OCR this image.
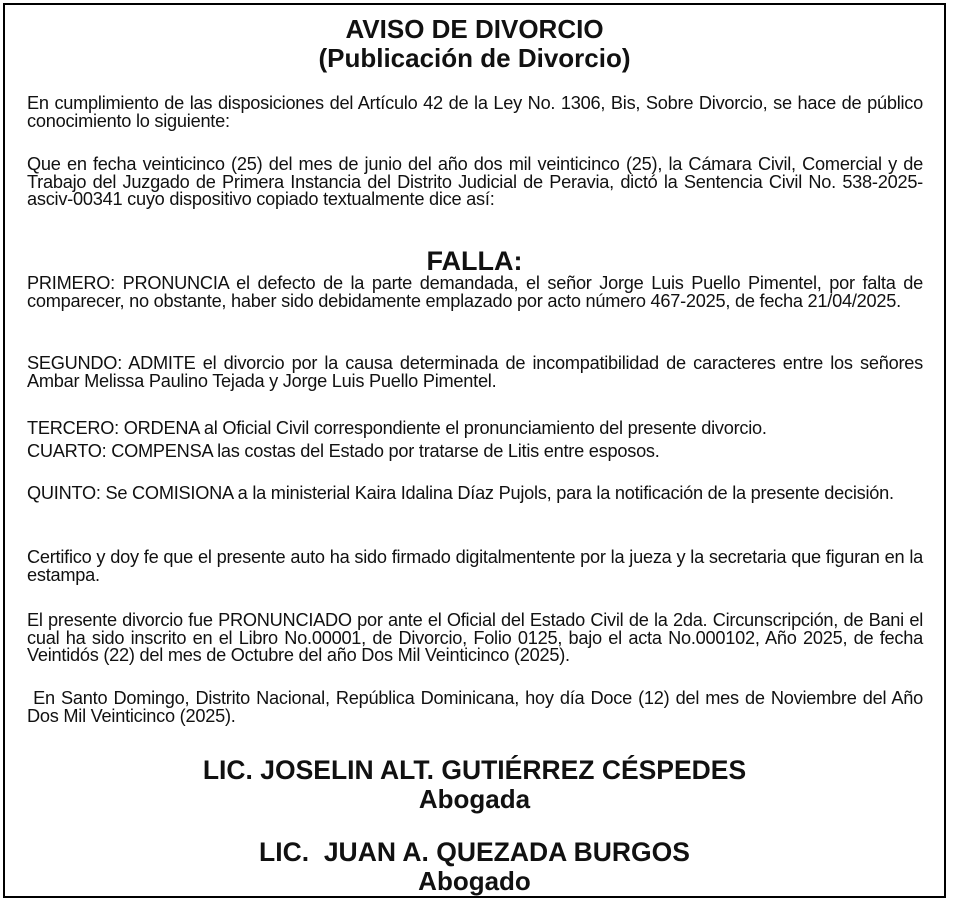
AVISO DE DIVORCIO
(Publicación de Divorcio)
En cumplimiento de las disposiciones del Artículo 42 de la Ley No. 1306, Bis, Sobre Divorcio, se hace de público conocimiento lo siguiente:
Que en fecha veinticinco (25) del mes de junio del año dos mil veinticinco (25), la Cámara Civil, Comercial y de Trabajo del Juzgado de Primera Instancia del Distrito Judicial de Peravia, dictó la Sentencia Civil No. 538-2025-asciv-00341 cuyo dispositivo copiado textualmente dice así:
FALLA:
PRIMERO: PRONUNCIA el defecto de la parte demandada, el señor Jorge Luis Puello Pimentel, por falta de comparecer, no obstante, haber sido debidamente emplazado por acto número 467-2025, de fecha 21/04/2025.
SEGUNDO: ADMITE el divorcio por la causa determinada de incompatibilidad de caracteres entre los señores Ambar Melissa Paulino Tejada y Jorge Luis Puello Pimentel.
TERCERO: ORDENA al Oficial Civil correspondiente el pronunciamiento del presente divorcio.
CUARTO: COMPENSA las costas del Estado por tratarse de Litis entre esposos.
QUINTO: Se COMISIONA a la ministerial Kaira Idalina Díaz Pujols, para la notificación de la presente decisión.
Certifico y doy fe que el presente auto ha sido firmado digitalmentente por la jueza y la secretaria que figuran en la estampa.
El presente divorcio fue PRONUNCIADO por ante el Oficial del Estado Civil de la 2da. Circunscripción, de Bani el cual ha sido inscrito en el Libro No.00001, de Divorcio, Folio 0125, bajo el acta No.000102, Año 2025, de fecha Veintidós (22) del mes de Octubre del año Dos Mil Veinticinco (2025).
En Santo Domingo, Distrito Nacional, República Dominicana, hoy día Doce (12) del mes de Noviembre del Año Dos Mil Veinticinco (2025).
LIC. JOSELIN ALT. GUTIÉRREZ CÉSPEDES
Abogada
LIC.  JUAN A. QUEZADA BURGOS
Abogado
